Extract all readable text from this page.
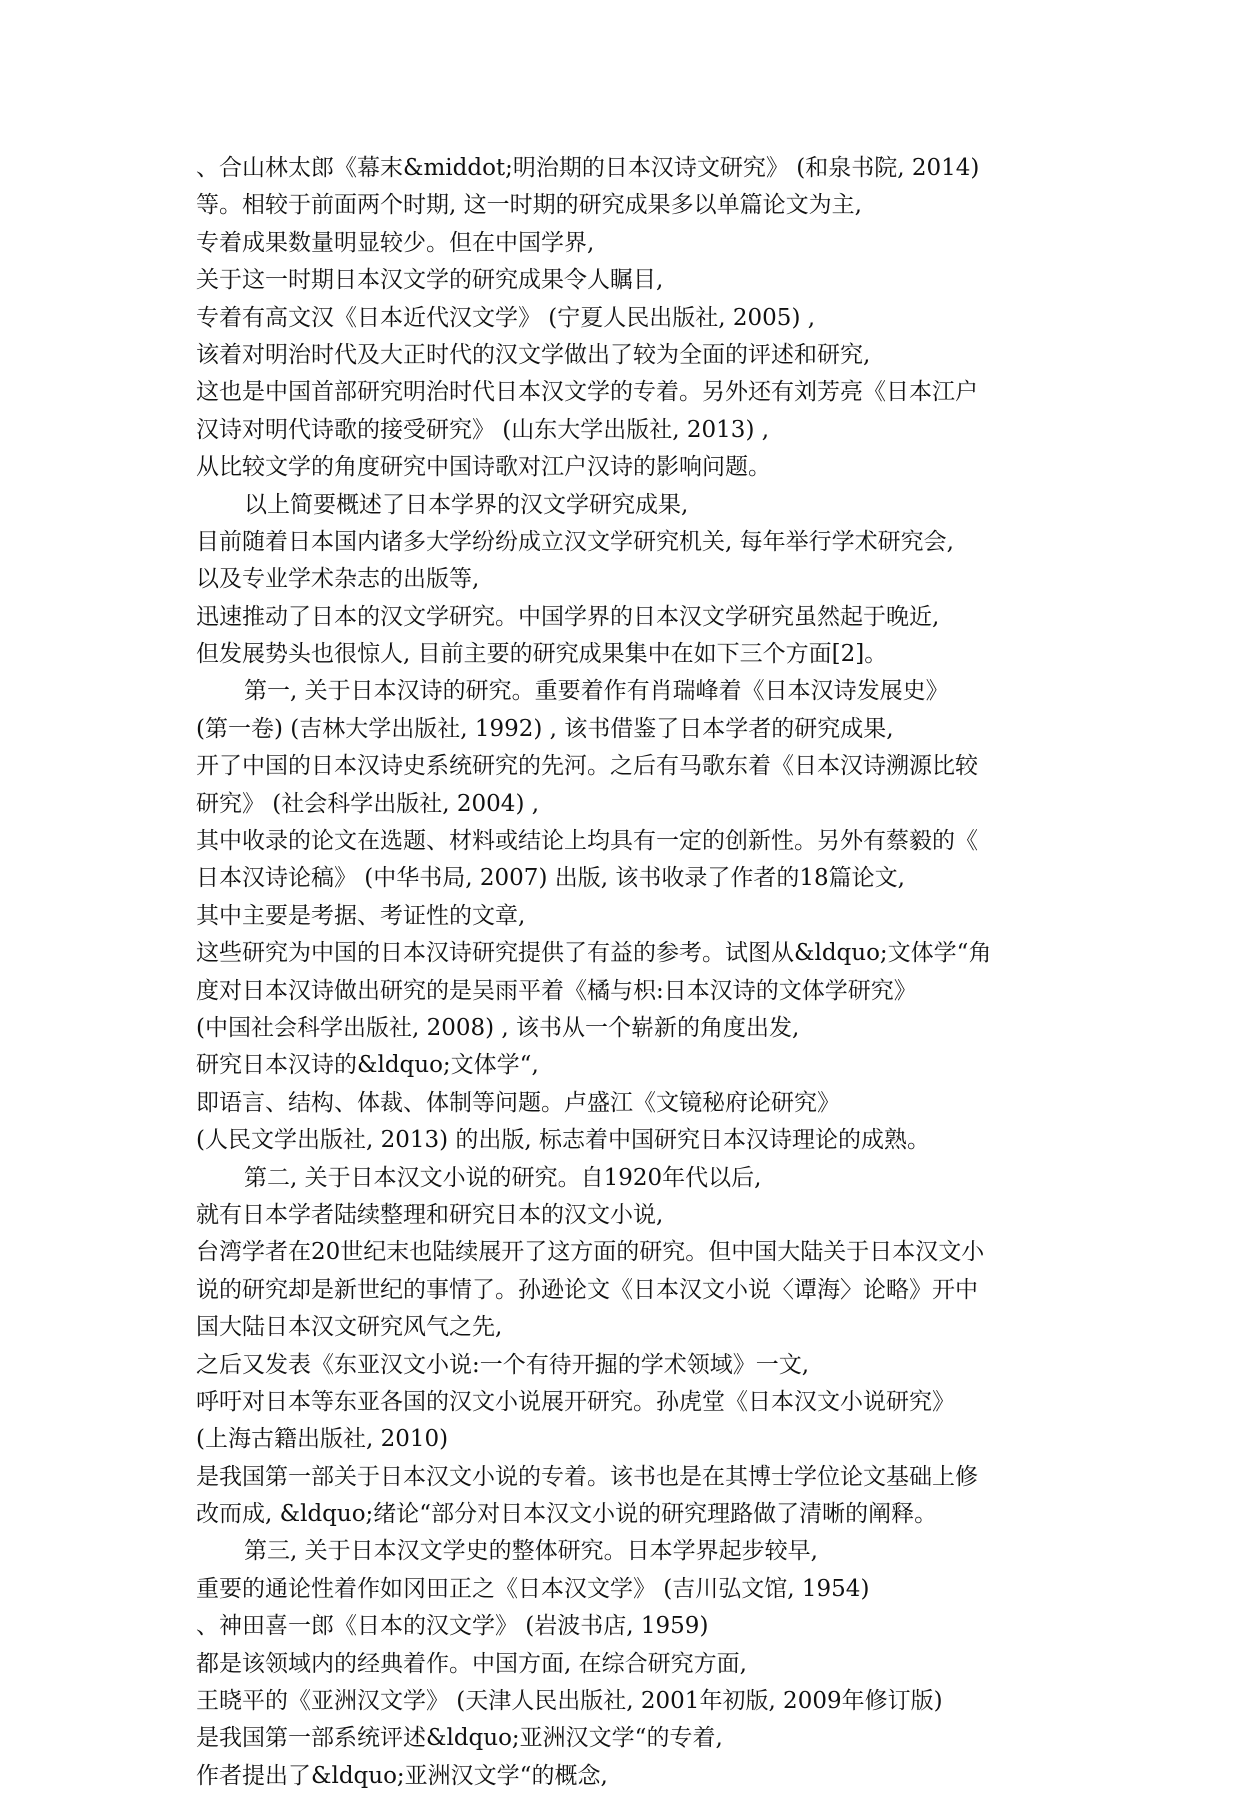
、合山林太郎《幕末&middot;明治期的日本汉诗文研究》 (和泉书院, 2014)
等。相较于前面两个时期, 这一时期的研究成果多以单篇论文为主,
专着成果数量明显较少。但在中国学界,
关于这一时期日本汉文学的研究成果令人瞩目,
专着有高文汉《日本近代汉文学》 (宁夏人民出版社, 2005) ,
该着对明治时代及大正时代的汉文学做出了较为全面的评述和研究,
这也是中国首部研究明治时代日本汉文学的专着。另外还有刘芳亮《日本江户
汉诗对明代诗歌的接受研究》 (山东大学出版社, 2013) ,
从比较文学的角度研究中国诗歌对江户汉诗的影响问题。
以上简要概述了日本学界的汉文学研究成果,
目前随着日本国内诸多大学纷纷成立汉文学研究机关, 每年举行学术研究会,
以及专业学术杂志的出版等,
迅速推动了日本的汉文学研究。中国学界的日本汉文学研究虽然起于晚近,
但发展势头也很惊人, 目前主要的研究成果集中在如下三个方面[2]。
第一, 关于日本汉诗的研究。重要着作有肖瑞峰着《日本汉诗发展史》
(第一卷) (吉林大学出版社, 1992) , 该书借鉴了日本学者的研究成果,
开了中国的日本汉诗史系统研究的先河。之后有马歌东着《日本汉诗溯源比较
研究》 (社会科学出版社, 2004) ,
其中收录的论文在选题、材料或结论上均具有一定的创新性。另外有蔡毅的《
日本汉诗论稿》 (中华书局, 2007) 出版, 该书收录了作者的18篇论文,
其中主要是考据、考证性的文章,
这些研究为中国的日本汉诗研究提供了有益的参考。试图从&ldquo;文体学“角
度对日本汉诗做出研究的是吴雨平着《橘与枳:日本汉诗的文体学研究》
(中国社会科学出版社, 2008) , 该书从一个崭新的角度出发,
研究日本汉诗的&ldquo;文体学“,
即语言、结构、体裁、体制等问题。卢盛江《文镜秘府论研究》
(人民文学出版社, 2013) 的出版, 标志着中国研究日本汉诗理论的成熟。
第二, 关于日本汉文小说的研究。自1920年代以后,
就有日本学者陆续整理和研究日本的汉文小说,
台湾学者在20世纪末也陆续展开了这方面的研究。但中国大陆关于日本汉文小
说的研究却是新世纪的事情了。孙逊论文《日本汉文小说〈谭海〉论略》开中
国大陆日本汉文研究风气之先,
之后又发表《东亚汉文小说:一个有待开掘的学术领域》一文,
呼吁对日本等东亚各国的汉文小说展开研究。孙虎堂《日本汉文小说研究》
(上海古籍出版社, 2010)
是我国第一部关于日本汉文小说的专着。该书也是在其博士学位论文基础上修
改而成, &ldquo;绪论“部分对日本汉文小说的研究理路做了清晰的阐释。
第三, 关于日本汉文学史的整体研究。日本学界起步较早,
重要的通论性着作如冈田正之《日本汉文学》 (吉川弘文馆, 1954)
、神田喜一郎《日本的汉文学》 (岩波书店, 1959)
都是该领域内的经典着作。中国方面, 在综合研究方面,
王晓平的《亚洲汉文学》 (天津人民出版社, 2001年初版, 2009年修订版)
是我国第一部系统评述&ldquo;亚洲汉文学“的专着,
作者提出了&ldquo;亚洲汉文学“的概念,
